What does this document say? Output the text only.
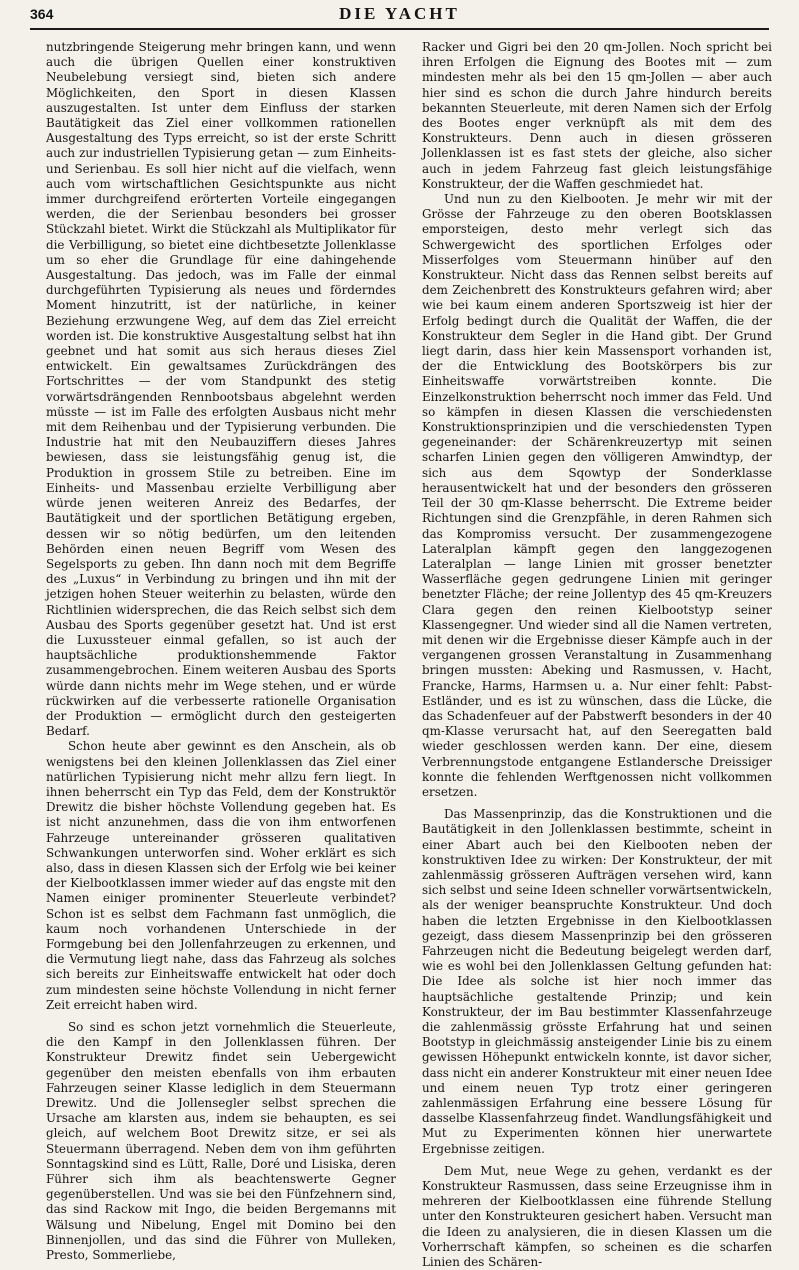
364	DIE YACHT

nutzbringende Steigerung mehr bringen kann, und wenn auch die übrigen Quellen einer konstruktiven Neubelebung versiegt sind, bieten sich andere Möglichkeiten, den Sport in diesen Klassen auszugestalten. Ist unter dem Einfluss der starken Bautätigkeit das Ziel einer vollkommen rationellen Ausgestaltung des Typs erreicht, so ist der erste Schritt auch zur industriellen Typisierung getan — zum Einheits- und Serienbau. Es soll hier nicht auf die vielfach, wenn auch vom wirtschaftlichen Gesichtspunkte aus nicht immer durchgreifend erörterten Vorteile eingegangen werden, die der Serienbau besonders bei grosser Stückzahl bietet. Wirkt die Stückzahl als Multiplikator für die Verbilligung, so bietet eine dichtbesetzte Jollenklasse um so eher die Grundlage für eine dahingehende Ausgestaltung. Das jedoch, was im Falle der einmal durchgeführten Typisierung als neues und förderndes Moment hinzutritt, ist der natürliche, in keiner Beziehung erzwungene Weg, auf dem das Ziel erreicht worden ist. Die konstruktive Ausgestaltung selbst hat ihn geebnet und hat somit aus sich heraus dieses Ziel entwickelt. Ein gewaltsames Zurückdrängen des Fortschrittes — der vom Standpunkt des stetig vorwärtsdrängenden Rennbootsbaus abgelehnt werden müsste — ist im Falle des erfolgten Ausbaus nicht mehr mit dem Reihenbau und der Typisierung verbunden. Die Industrie hat mit den Neubauziffern dieses Jahres bewiesen, dass sie leistungsfähig genug ist, die Produktion in grossem Stile zu betreiben. Eine im Einheits- und Massenbau erzielte Verbilligung aber würde jenen weiteren Anreiz des Bedarfes, der Bautätigkeit und der sportlichen Betätigung ergeben, dessen wir so nötig bedürfen, um den leitenden Behörden einen neuen Begriff vom Wesen des Segelsports zu geben. Ihn dann noch mit dem Begriffe des „Luxus“ in Verbindung zu bringen und ihn mit der jetzigen hohen Steuer weiterhin zu belasten, würde den Richtlinien widersprechen, die das Reich selbst sich dem Ausbau des Sports gegenüber gesetzt hat. Und ist erst die Luxussteuer einmal gefallen, so ist auch der hauptsächliche produktionshemmende Faktor zusammengebrochen. Einem weiteren Ausbau des Sports würde dann nichts mehr im Wege stehen, und er würde rückwirken auf die verbesserte rationelle Organisation der Produktion — ermöglicht durch den gesteigerten Bedarf.

Schon heute aber gewinnt es den Anschein, als ob wenigstens bei den kleinen Jollenklassen das Ziel einer natürlichen Typisierung nicht mehr allzu fern liegt. In ihnen beherrscht ein Typ das Feld, dem der Konstruktör Drewitz die bisher höchste Vollendung gegeben hat. Es ist nicht anzunehmen, dass die von ihm entworfenen Fahrzeuge untereinander grösseren qualitativen Schwankungen unterworfen sind. Woher erklärt es sich also, dass in diesen Klassen sich der Erfolg wie bei keiner der Kielbootklassen immer wieder auf das engste mit den Namen einiger prominenter Steuerleute verbindet? Schon ist es selbst dem Fachmann fast unmöglich, die kaum noch vorhandenen Unterschiede in der Formgebung bei den Jollenfahrzeugen zu erkennen, und die Vermutung liegt nahe, dass das Fahrzeug als solches sich bereits zur Einheitswaffe entwickelt hat oder doch zum mindesten seine höchste Vollendung in nicht ferner Zeit erreicht haben wird.

So sind es schon jetzt vornehmlich die Steuerleute, die den Kampf in den Jollenklassen führen. Der Konstrukteur Drewitz findet sein Uebergewicht gegenüber den meisten ebenfalls von ihm erbauten Fahrzeugen seiner Klasse lediglich in dem Steuermann Drewitz. Und die Jollensegler selbst sprechen die Ursache am klarsten aus, indem sie behaupten, es sei gleich, auf welchem Boot Drewitz sitze, er sei als Steuermann überragend. Neben dem von ihm geführten Sonntagskind sind es Lütt, Ralle, Doré und Lisiska, deren Führer sich ihm als beachtenswerte Gegner gegenüberstellen. Und was sie bei den Fünfzehnern sind, das sind Rackow mit Ingo, die beiden Bergemanns mit Wälsung und Nibelung, Engel mit Domino bei den Binnenjollen, und das sind die Führer von Mulleken, Presto, Sommerliebe,

Racker und Gigri bei den 20 qm-Jollen. Noch spricht bei ihren Erfolgen die Eignung des Bootes mit — zum mindesten mehr als bei den 15 qm-Jollen — aber auch hier sind es schon die durch Jahre hindurch bereits bekannten Steuerleute, mit deren Namen sich der Erfolg des Bootes enger verknüpft als mit dem des Konstrukteurs. Denn auch in diesen grösseren Jollenklassen ist es fast stets der gleiche, also sicher auch in jedem Fahrzeug fast gleich leistungsfähige Konstrukteur, der die Waffen geschmiedet hat.

Und nun zu den Kielbooten. Je mehr wir mit der Grösse der Fahrzeuge zu den oberen Bootsklassen emporsteigen, desto mehr verlegt sich das Schwergewicht des sportlichen Erfolges oder Misserfolges vom Steuermann hinüber auf den Konstrukteur. Nicht dass das Rennen selbst bereits auf dem Zeichenbrett des Konstrukteurs gefahren wird; aber wie bei kaum einem anderen Sportszweig ist hier der Erfolg bedingt durch die Qualität der Waffen, die der Konstrukteur dem Segler in die Hand gibt. Der Grund liegt darin, dass hier kein Massensport vorhanden ist, der die Entwicklung des Bootskörpers bis zur Einheitswaffe vorwärtstreiben konnte. Die Einzelkonstruktion beherrscht noch immer das Feld. Und so kämpfen in diesen Klassen die verschiedensten Konstruktionsprinzipien und die verschiedensten Typen gegeneinander: der Schärenkreuzertyp mit seinen scharfen Linien gegen den völligeren Amwindtyp, der sich aus dem Sqowtyp der Sonderklasse herausentwickelt hat und der besonders den grösseren Teil der 30 qm-Klasse beherrscht. Die Extreme beider Richtungen sind die Grenzpfähle, in deren Rahmen sich das Kompromiss versucht. Der zusammengezogene Lateralplan kämpft gegen den langgezogenen Lateralplan — lange Linien mit grosser benetzter Wasserfläche gegen gedrungene Linien mit geringer benetzter Fläche; der reine Jollentyp des 45 qm-Kreuzers Clara gegen den reinen Kielbootstyp seiner Klassengegner. Und wieder sind all die Namen vertreten, mit denen wir die Ergebnisse dieser Kämpfe auch in der vergangenen grossen Veranstaltung in Zusammenhang bringen mussten: Abeking und Rasmussen, v. Hacht, Francke, Harms, Harmsen u. a. Nur einer fehlt: Pabst-Estländer, und es ist zu wünschen, dass die Lücke, die das Schadenfeuer auf der Pabstwerft besonders in der 40 qm-Klasse verursacht hat, auf den Seeregatten bald wieder geschlossen werden kann. Der eine, diesem Verbrennungstode entgangene Estlandersche Dreissiger konnte die fehlenden Werftgenossen nicht vollkommen ersetzen.

Das Massenprinzip, das die Konstruktionen und die Bautätigkeit in den Jollenklassen bestimmte, scheint in einer Abart auch bei den Kielbooten neben der konstruktiven Idee zu wirken: Der Konstrukteur, der mit zahlenmässig grösseren Aufträgen versehen wird, kann sich selbst und seine Ideen schneller vorwärtsentwickeln, als der weniger beanspruchte Konstrukteur. Und doch haben die letzten Ergebnisse in den Kielbootklassen gezeigt, dass diesem Massenprinzip bei den grösseren Fahrzeugen nicht die Bedeutung beigelegt werden darf, wie es wohl bei den Jollenklassen Geltung gefunden hat: Die Idee als solche ist hier noch immer das hauptsächliche gestaltende Prinzip; und kein Konstrukteur, der im Bau bestimmter Klassenfahrzeuge die zahlenmässig grösste Erfahrung hat und seinen Bootstyp in gleichmässig ansteigender Linie bis zu einem gewissen Höhepunkt entwickeln konnte, ist davor sicher, dass nicht ein anderer Konstrukteur mit einer neuen Idee und einem neuen Typ trotz einer geringeren zahlenmässigen Erfahrung eine bessere Lösung für dasselbe Klassenfahrzeug findet. Wandlungsfähigkeit und Mut zu Experimenten können hier unerwartete Ergebnisse zeitigen.

Dem Mut, neue Wege zu gehen, verdankt es der Konstrukteur Rasmussen, dass seine Erzeugnisse ihm in mehreren der Kielbootklassen eine führende Stellung unter den Konstrukteuren gesichert haben. Versucht man die Ideen zu analysieren, die in diesen Klassen um die Vorherrschaft kämpfen, so scheinen es die scharfen Linien des Schären-
